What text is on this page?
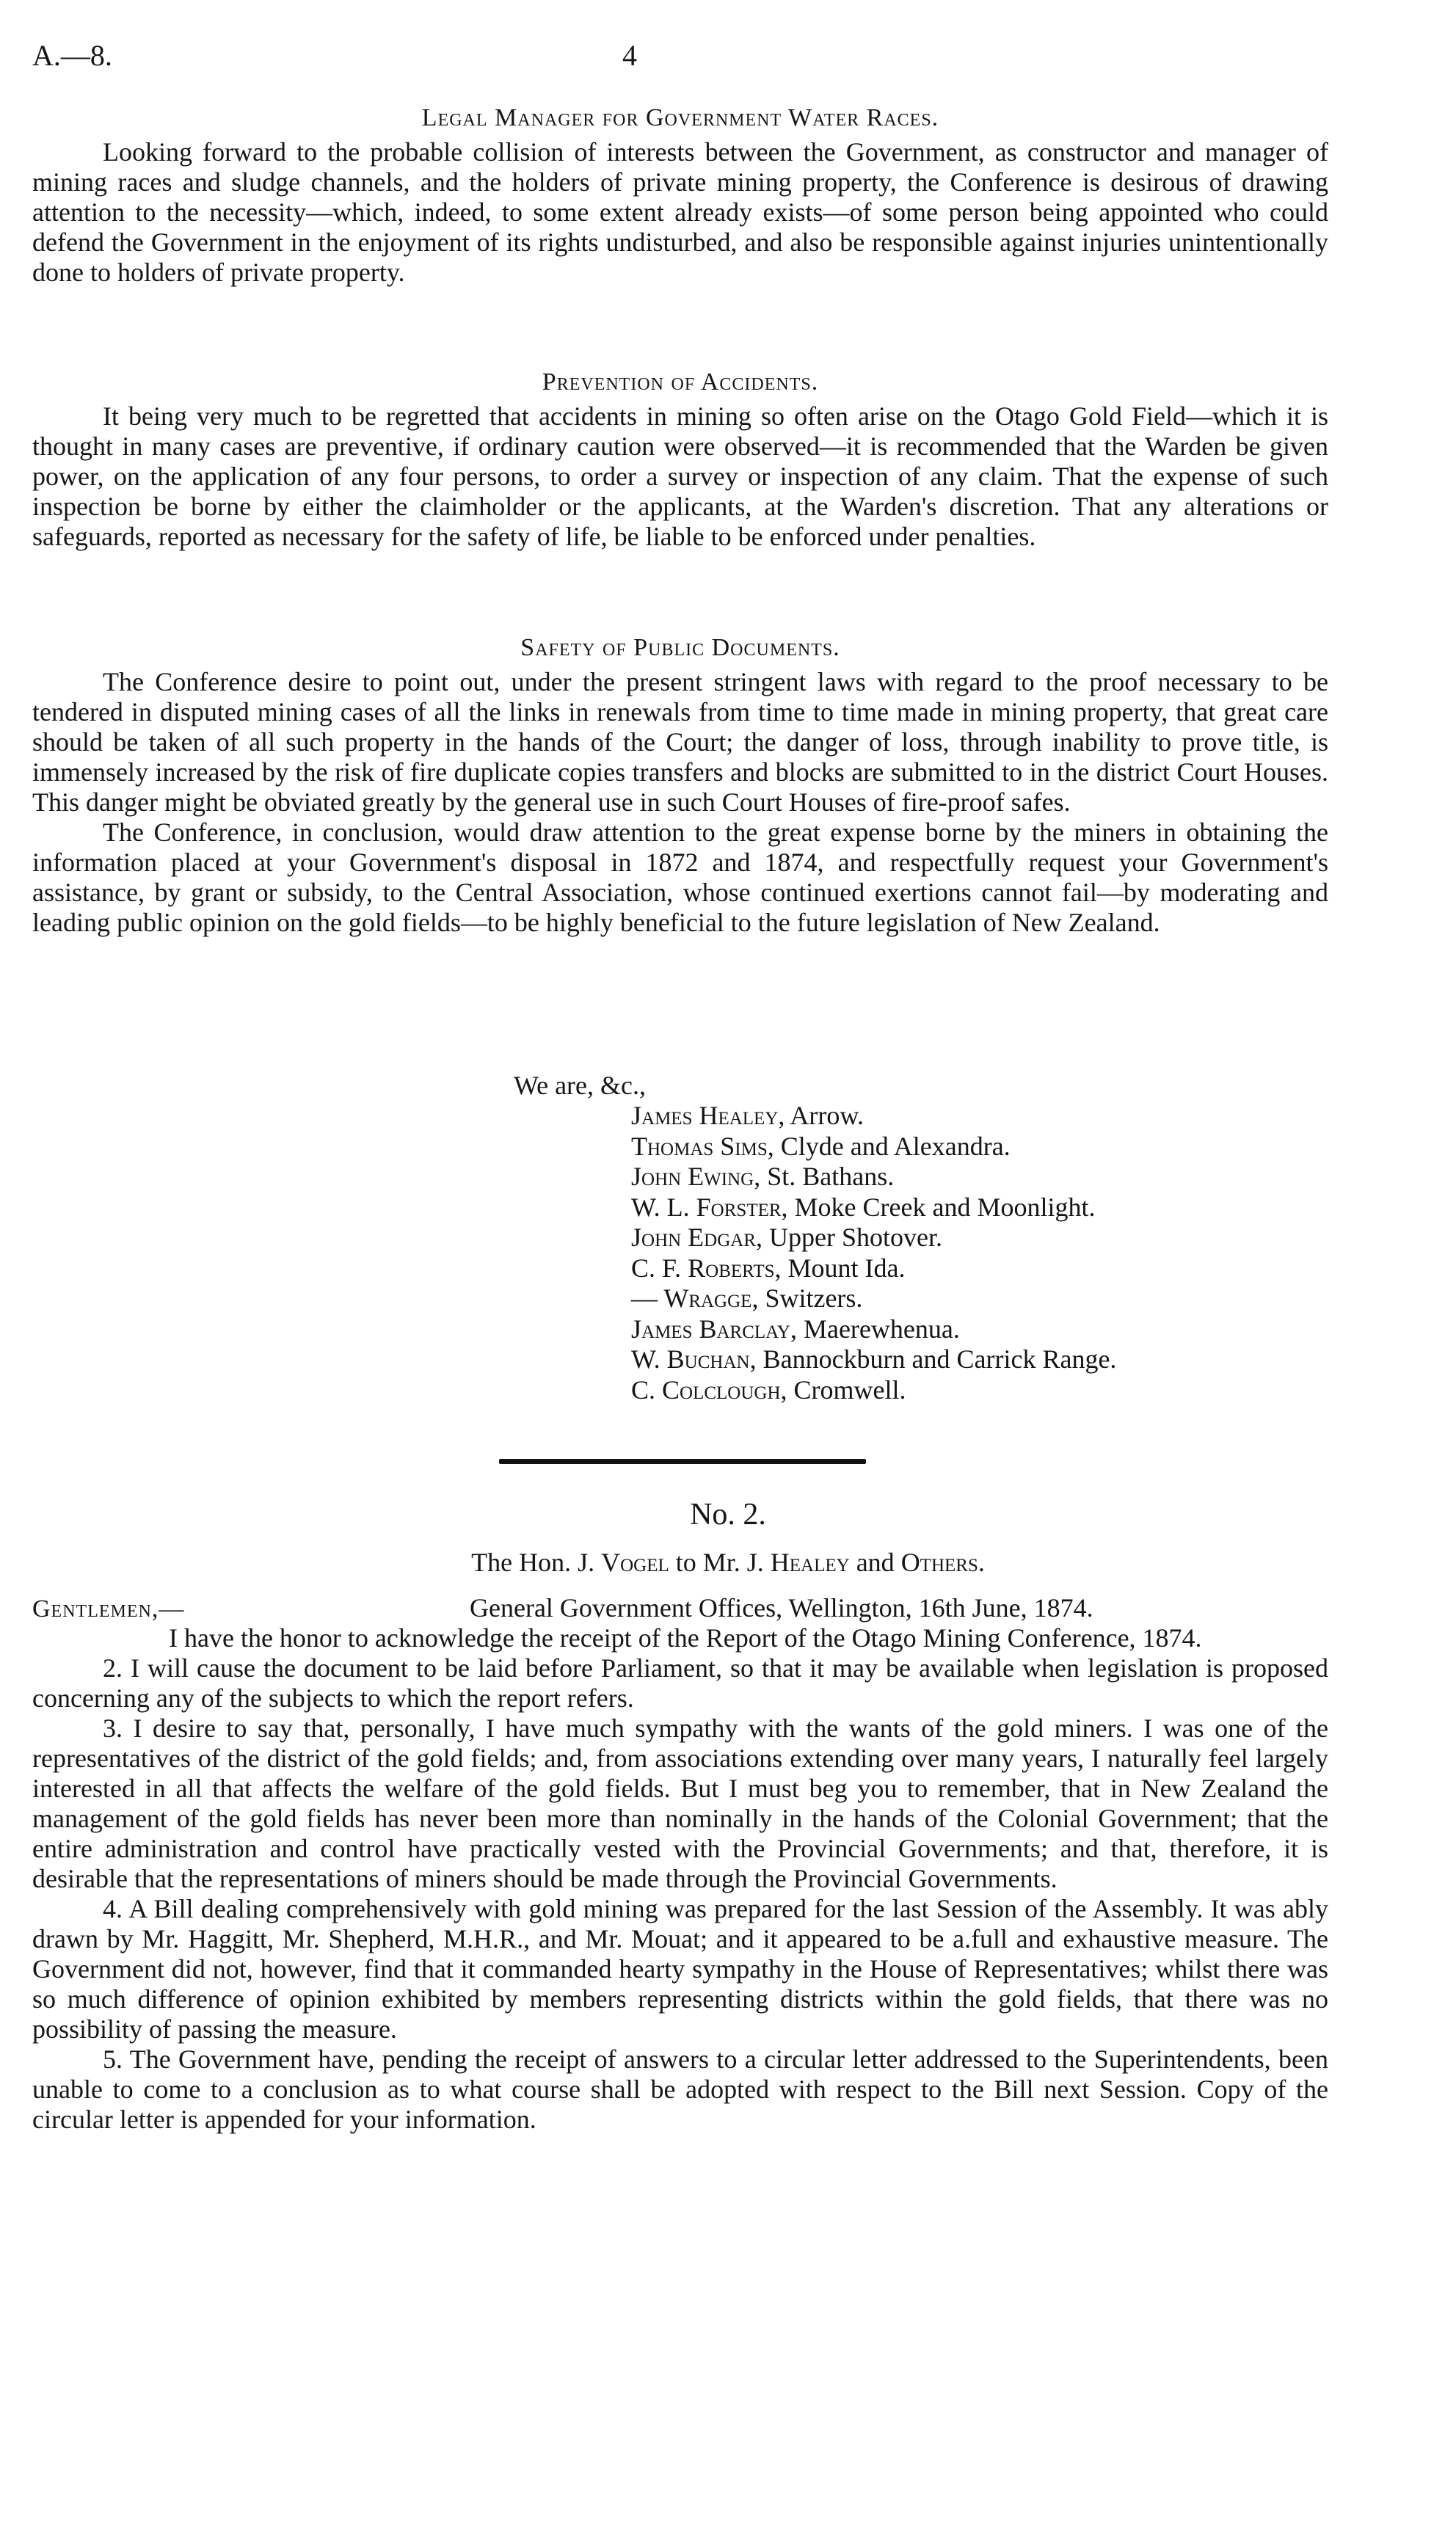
A.—8.	4
Legal Manager for Government Water Races.

Looking forward to the probable collision of interests between the Government, as constructor and manager of mining races and sludge channels, and the holders of private mining property, the Conference is desirous of drawing attention to the necessity—which, indeed, to some extent already exists—of some person being appointed who could defend the Government in the enjoyment of its rights undisturbed, and also be responsible against injuries unintentionally done to holders of private property.

Prevention of Accidents.

It being very much to be regretted that accidents in mining so often arise on the Otago Gold Field—which it is thought in many cases are preventive, if ordinary caution were observed—it is recommended that the Warden be given power, on the application of any four persons, to order a survey or inspection of any claim. That the expense of such inspection be borne by either the claimholder or the applicants, at the Warden's discretion. That any alterations or safeguards, reported as necessary for the safety of life, be liable to be enforced under penalties.

Safety of Public Documents.

The Conference desire to point out, under the present stringent laws with regard to the proof necessary to be tendered in disputed mining cases of all the links in renewals from time to time made in mining property, that great care should be taken of all such property in the hands of the Court; the danger of loss, through inability to prove title, is immensely increased by the risk of fire duplicate copies transfers and blocks are submitted to in the district Court Houses. This danger might be obviated greatly by the general use in such Court Houses of fire-proof safes.

The Conference, in conclusion, would draw attention to the great expense borne by the miners in obtaining the information placed at your Government's disposal in 1872 and 1874, and respectfully request your Government's assistance, by grant or subsidy, to the Central Association, whose continued exertions cannot fail—by moderating and leading public opinion on the gold fields—to be highly beneficial to the future legislation of New Zealand.

We are, &c.,
James Healey, Arrow.
Thomas Sims, Clyde and Alexandra.
John Ewing, St. Bathans.
W. L. Forster, Moke Creek and Moonlight.
John Edgar, Upper Shotover.
C. F. Roberts, Mount Ida.
— Wragge, Switzers.
James Barclay, Maerewhenua.
W. Buchan, Bannockburn and Carrick Range.
C. Colclough, Cromwell.
No. 2.
The Hon. J. Vogel to Mr. J. Healey and Others.
Gentlemen,—	General Government Offices, Wellington, 16th June, 1874.

I have the honor to acknowledge the receipt of the Report of the Otago Mining Conference, 1874.

2. I will cause the document to be laid before Parliament, so that it may be available when legislation is proposed concerning any of the subjects to which the report refers.

3. I desire to say that, personally, I have much sympathy with the wants of the gold miners. I was one of the representatives of the district of the gold fields; and, from associations extending over many years, I naturally feel largely interested in all that affects the welfare of the gold fields. But I must beg you to remember, that in New Zealand the management of the gold fields has never been more than nominally in the hands of the Colonial Government; that the entire administration and control have practically vested with the Provincial Governments; and that, therefore, it is desirable that the representations of miners should be made through the Provincial Governments.

4. A Bill dealing comprehensively with gold mining was prepared for the last Session of the Assembly. It was ably drawn by Mr. Haggitt, Mr. Shepherd, M.H.R., and Mr. Mouat; and it appeared to be a.full and exhaustive measure. The Government did not, however, find that it commanded hearty sympathy in the House of Representatives; whilst there was so much difference of opinion exhibited by members representing districts within the gold fields, that there was no possibility of passing the measure.

5. The Government have, pending the receipt of answers to a circular letter addressed to the Superintendents, been unable to come to a conclusion as to what course shall be adopted with respect to the Bill next Session. Copy of the circular letter is appended for your information.
